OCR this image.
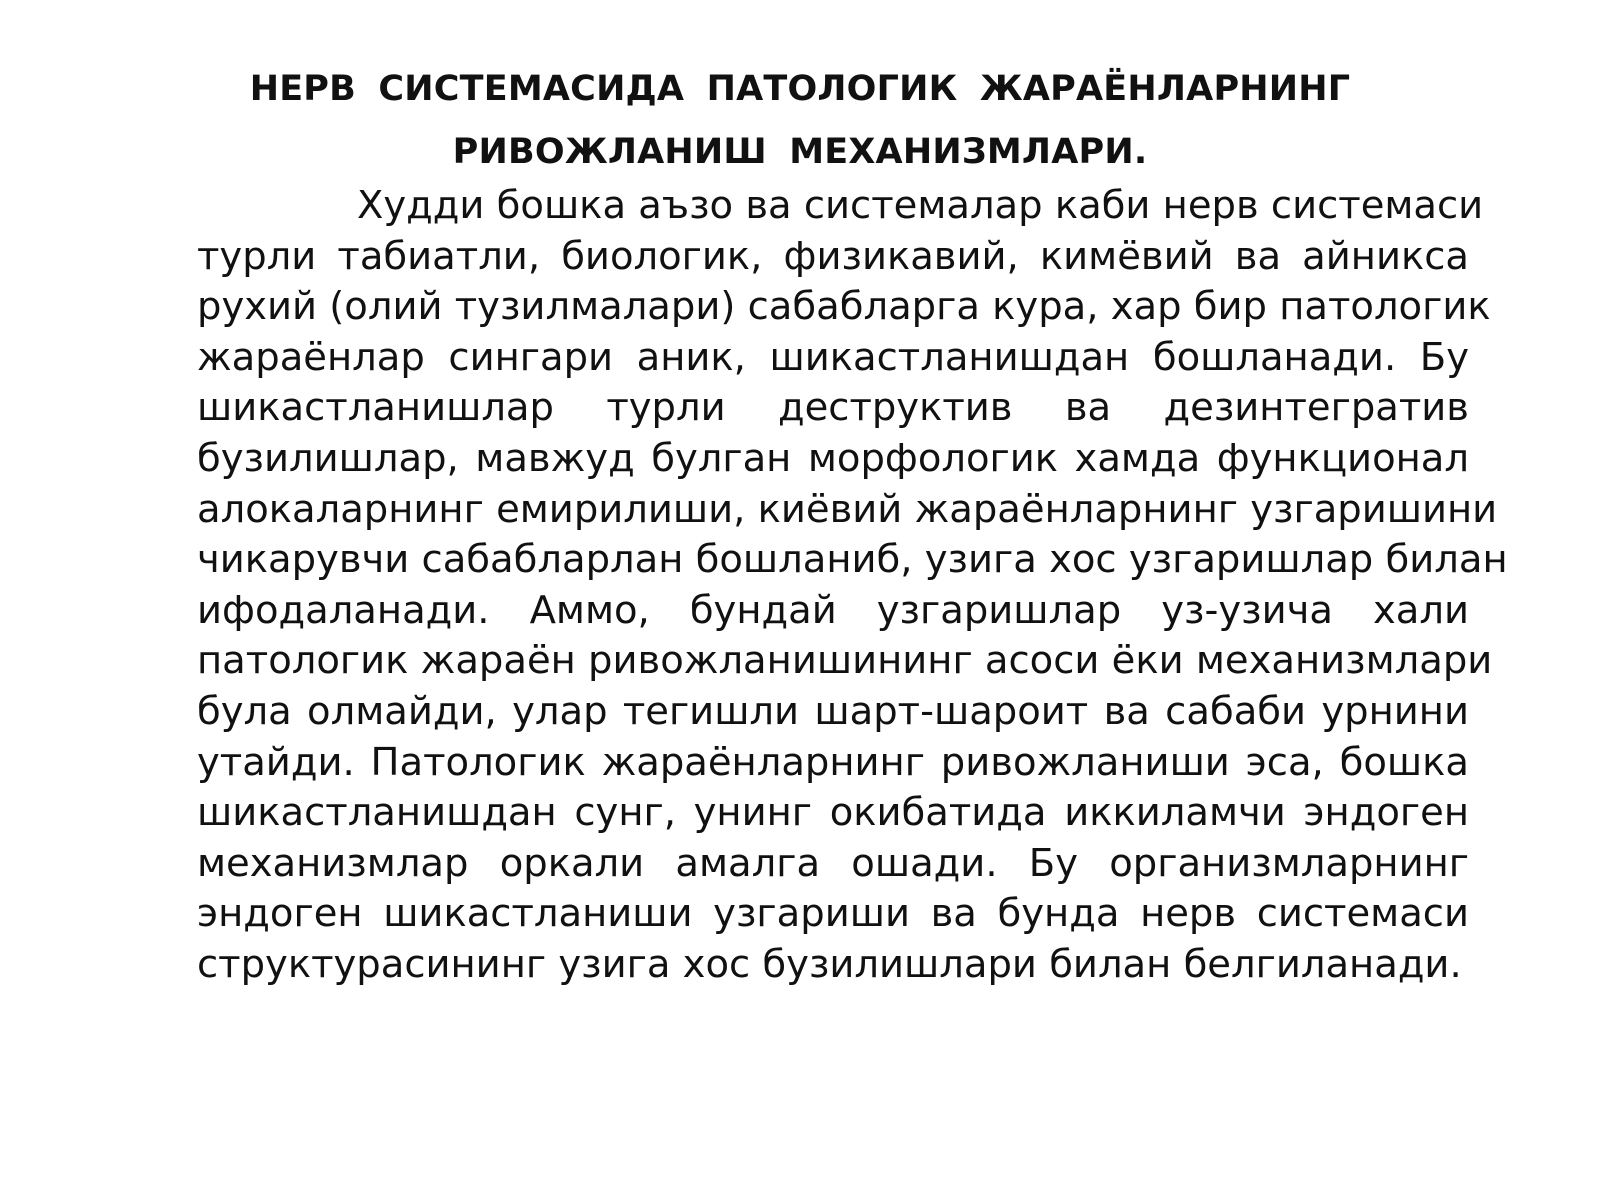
НЕРВ СИСТЕМАСИДА ПАТОЛОГИК ЖАРАЁНЛАРНИНГ
РИВОЖЛАНИШ МЕХАНИЗМЛАРИ.
Худди бошка аъзо ва системалар каби нерв системаси
турли табиатли, биологик, физикавий, кимёвий ва айникса
рухий (олий тузилмалари) сабабларга кура, хар бир патологик
жараёнлар сингари аник, шикастланишдан бошланади. Бу
шикастланишлар турли деструктив ва дезинтегратив
бузилишлар, мавжуд булган морфологик хамда функционал
алокаларнинг емирилиши, киёвий жараёнларнинг узгаришини
чикарувчи сабабларлан бошланиб, узига хос узгаришлар билан
ифодаланади. Аммо, бундай узгаришлар уз-узича хали
патологик жараён ривожланишининг асоси ёки механизмлари
була олмайди, улар тегишли шарт-шароит ва сабаби урнини
утайди. Патологик жараёнларнинг ривожланиши эса, бошка
шикастланишдан сунг, унинг окибатида иккиламчи эндоген
механизмлар оркали амалга ошади. Бу организмларнинг
эндоген шикастланиши узгариши ва бунда нерв системаси
структурасининг узига хос бузилишлари билан белгиланади.
